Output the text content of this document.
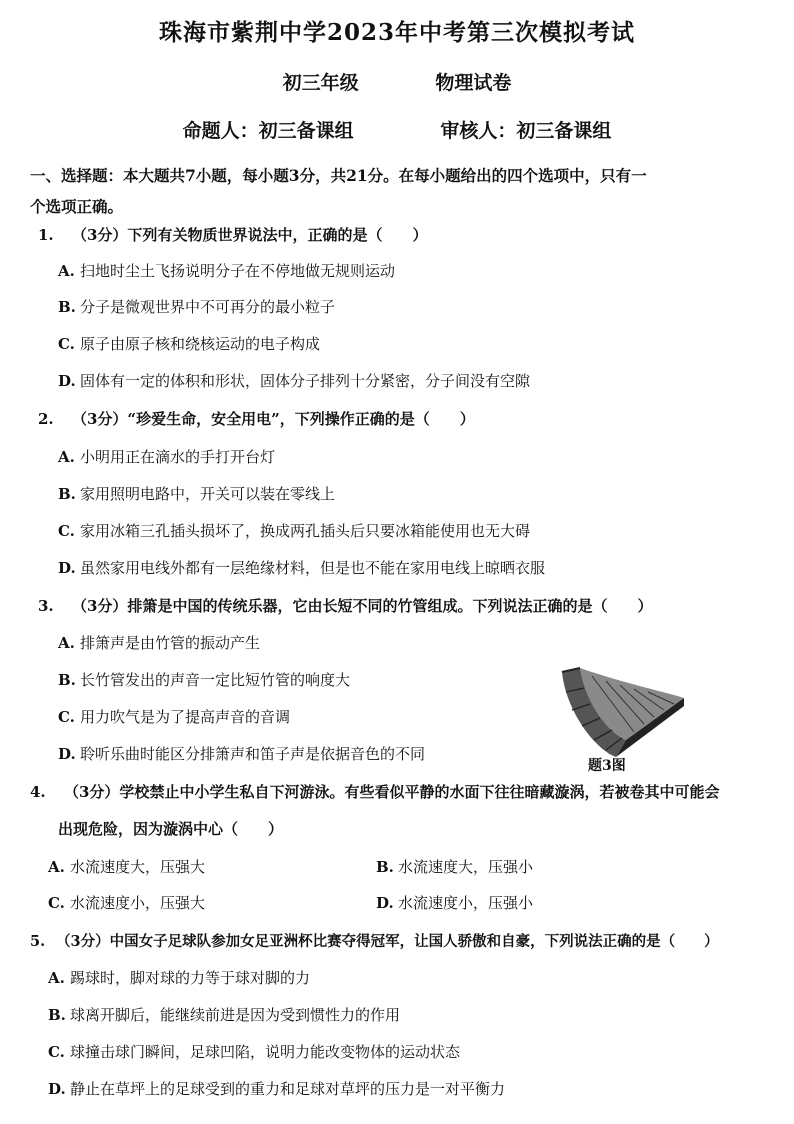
珠海市紫荆中学2023年中考第三次模拟考试
初三年级	物理试卷
命题人：初三备课组	审核人：初三备课组
一、选择题：本大题共7小题，每小题3分，共21分。在每小题给出的四个选项中，只有一
个选项正确。
1. （3分）下列有关物质世界说法中，正确的是（　　）
A. 扫地时尘土飞扬说明分子在不停地做无规则运动
B. 分子是微观世界中不可再分的最小粒子
C. 原子由原子核和绕核运动的电子构成
D. 固体有一定的体积和形状，固体分子排列十分紧密，分子间没有空隙
2. （3分）“珍爱生命，安全用电”，下列操作正确的是（　　）
A. 小明用正在滴水的手打开台灯
B. 家用照明电路中，开关可以装在零线上
C. 家用冰箱三孔插头损坏了，换成两孔插头后只要冰箱能使用也无大碍
D. 虽然家用电线外都有一层绝缘材料，但是也不能在家用电线上晾晒衣服
3. （3分）排箫是中国的传统乐器，它由长短不同的竹管组成。下列说法正确的是（　　）
A. 排箫声是由竹管的振动产生
B. 长竹管发出的声音一定比短竹管的响度大
C. 用力吹气是为了提高声音的音调
D. 聆听乐曲时能区分排箫声和笛子声是依据音色的不同
题3图
4. （3分）学校禁止中小学生私自下河游泳。有些看似平静的水面下往往暗藏漩涡，若被卷其中可能会
出现危险，因为漩涡中心（　　）
A. 水流速度大，压强大	B. 水流速度大，压强小
C. 水流速度小，压强大	D. 水流速度小，压强小
5. （3分）中国女子足球队参加女足亚洲杯比赛夺得冠军，让国人骄傲和自豪，下列说法正确的是（　　）
A. 踢球时，脚对球的力等于球对脚的力
B. 球离开脚后，能继续前进是因为受到惯性力的作用
C. 球撞击球门瞬间，足球凹陷，说明力能改变物体的运动状态
D. 静止在草坪上的足球受到的重力和足球对草坪的压力是一对平衡力
